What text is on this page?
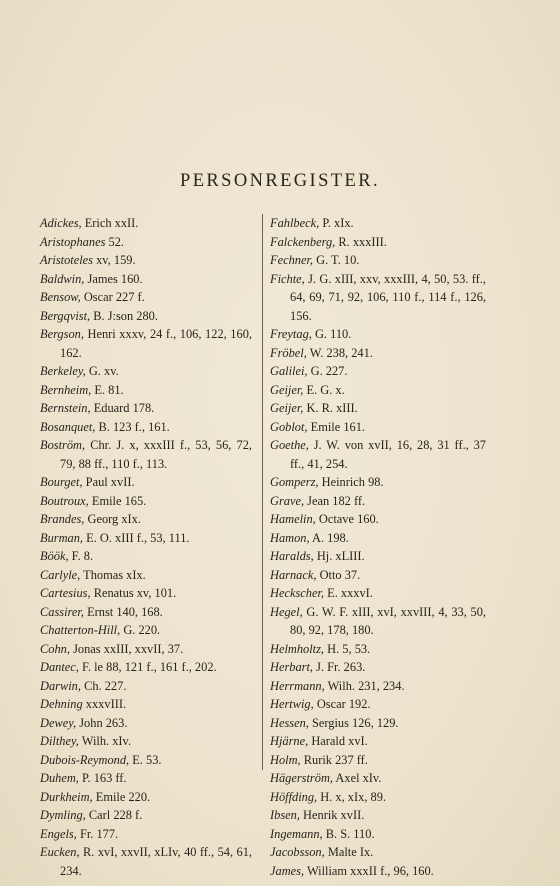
PERSONREGISTER.

Adickes, Erich xxII.

Aristophanes 52.

Aristoteles xv, 159.

Baldwin, James 160.

Bensow, Oscar 227 f.

Bergqvist, B. J:son 280.

Bergson, Henri xxxv, 24 f., 106, 122, 160, 162.

Berkeley, G. xv.

Bernheim, E. 81.

Bernstein, Eduard 178.

Bosanquet, B. 123 f., 161.

Boström, Chr. J. x, xxxIII f., 53, 56, 72, 79, 88 ff., 110 f., 113.

Bourget, Paul xvII.

Boutroux, Emile 165.

Brandes, Georg xIx.

Burman, E. O. xIII f., 53, 111.

Böök, F. 8.

Carlyle, Thomas xIx.

Cartesius, Renatus xv, 101.

Cassirer, Ernst 140, 168.

Chatterton-Hill, G. 220.

Cohn, Jonas xxIII, xxvII, 37.

Dantec, F. le 88, 121 f., 161 f., 202.

Darwin, Ch. 227.

Dehning xxxvIII.

Dewey, John 263.

Dilthey, Wilh. xIv.

Dubois-Reymond, E. 53.

Duhem, P. 163 ff.

Durkheim, Emile 220.

Dymling, Carl 228 f.

Engels, Fr. 177.

Eucken, R. xvI, xxvII, xLIv, 40 ff., 54, 61, 234.

Fahlbeck, P. xIx.

Falckenberg, R. xxxIII.

Fechner, G. T. 10.

Fichte, J. G. xIII, xxv, xxxIII, 4, 50, 53. ff., 64, 69, 71, 92, 106, 110 f., 114 f., 126, 156.

Freytag, G. 110.

Fröbel, W. 238, 241.

Galilei, G. 227.

Geijer, E. G. x.

Geijer, K. R. xIII.

Goblot, Emile 161.

Goethe, J. W. von xvII, 16, 28, 31 ff., 37 ff., 41, 254.

Gomperz, Heinrich 98.

Grave, Jean 182 ff.

Hamelin, Octave 160.

Hamon, A. 198.

Haralds, Hj. xLIII.

Harnack, Otto 37.

Heckscher, E. xxxvI.

Hegel, G. W. F. xIII, xvI, xxvIII, 4, 33, 50, 80, 92, 178, 180.

Helmholtz, H. 5, 53.

Herbart, J. Fr. 263.

Herrmann, Wilh. 231, 234.

Hertwig, Oscar 192.

Hessen, Sergius 126, 129.

Hjärne, Harald xvI.

Holm, Rurik 237 ff.

Hägerström, Axel xIv.

Höffding, H. x, xIx, 89.

Ibsen, Henrik xvII.

Ingemann, B. S. 110.

Jacobsson, Malte Ix.

James, William xxxII f., 96, 160.
